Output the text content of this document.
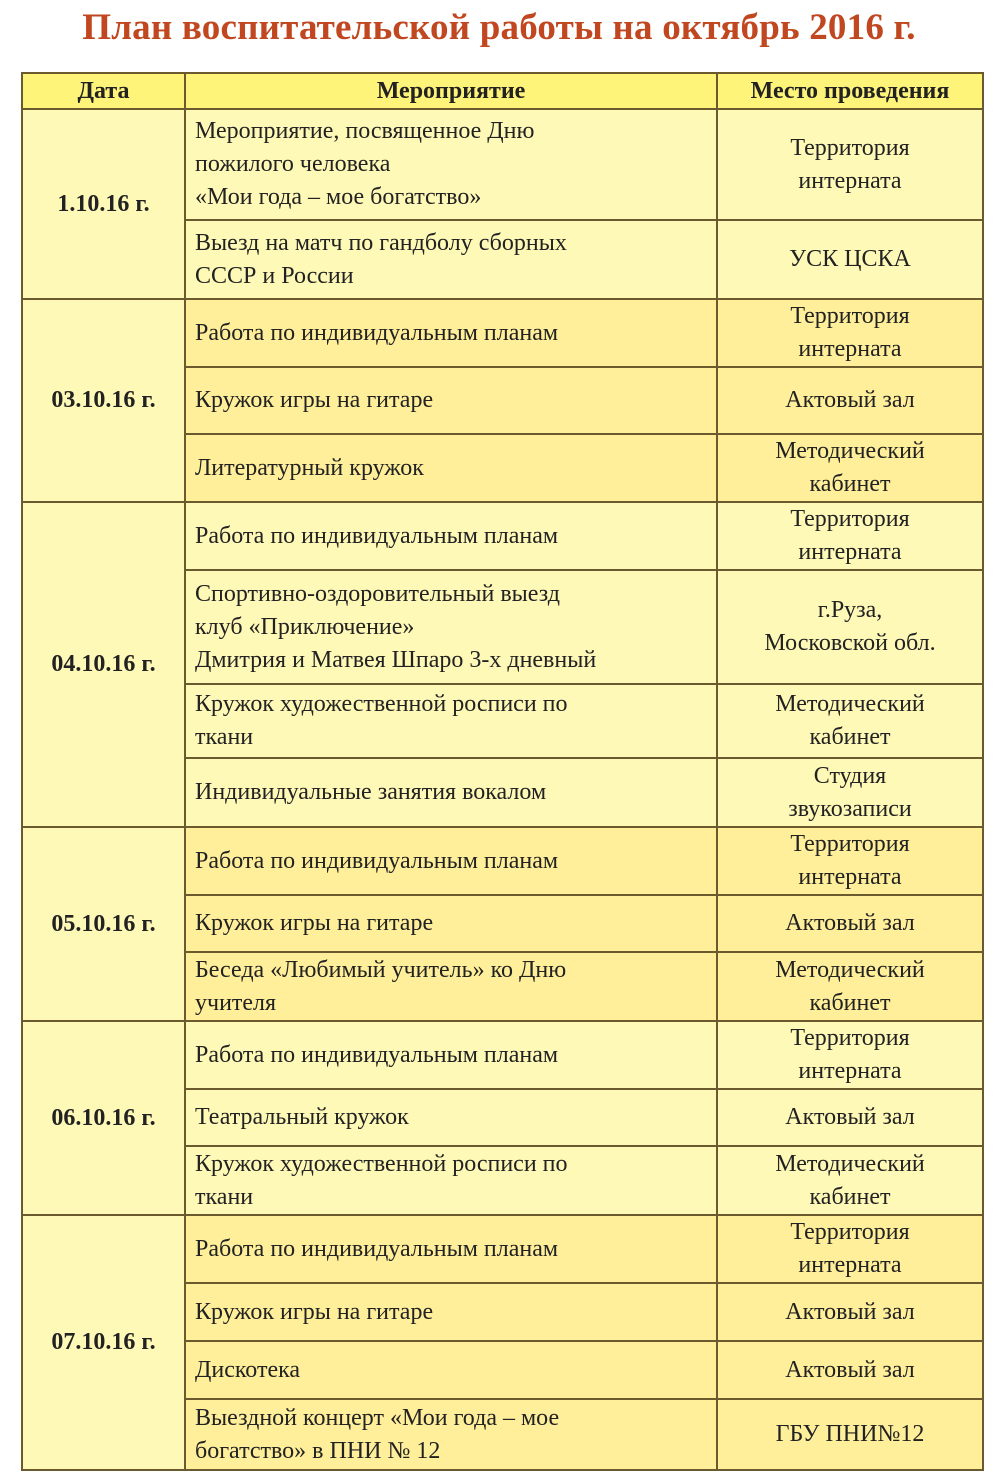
План воспитательской работы на октябрь 2016 г.
Дата	Мероприятие	Место проведения
1.10.16 г.	Мероприятие, посвященное Дню
пожилого человека
«Мои года – мое богатство»	Территория
интерната

	Выезд на матч по гандболу сборных
СССР и России	УСК ЦСКА

03.10.16 г.	Работа по индивидуальным планам	Территория
интерната

	Кружок игры на гитаре	Актовый зал

	Литературный кружок	Методический
кабинет

04.10.16 г.	Работа по индивидуальным планам	Территория
интерната

	Спортивно-оздоровительный выезд
клуб «Приключение»
Дмитрия и Матвея Шпаро 3-х дневный	г.Руза,
Московской обл.

	Кружок художественной росписи по
ткани	Методический
кабинет

	Индивидуальные занятия вокалом	Студия
звукозаписи

05.10.16 г.	Работа по индивидуальным планам	Территория
интерната

	Кружок игры на гитаре	Актовый зал

	Беседа «Любимый учитель» ко Дню
учителя	Методический
кабинет

06.10.16 г.	Работа по индивидуальным планам	Территория
интерната

	Театральный кружок	Актовый зал

	Кружок художественной росписи по
ткани	Методический
кабинет

07.10.16 г.	Работа по индивидуальным планам	Территория
интерната

	Кружок игры на гитаре	Актовый зал

	Дискотека	Актовый зал

	Выездной концерт «Мои года – мое
богатство» в ПНИ № 12	ГБУ ПНИ№12
